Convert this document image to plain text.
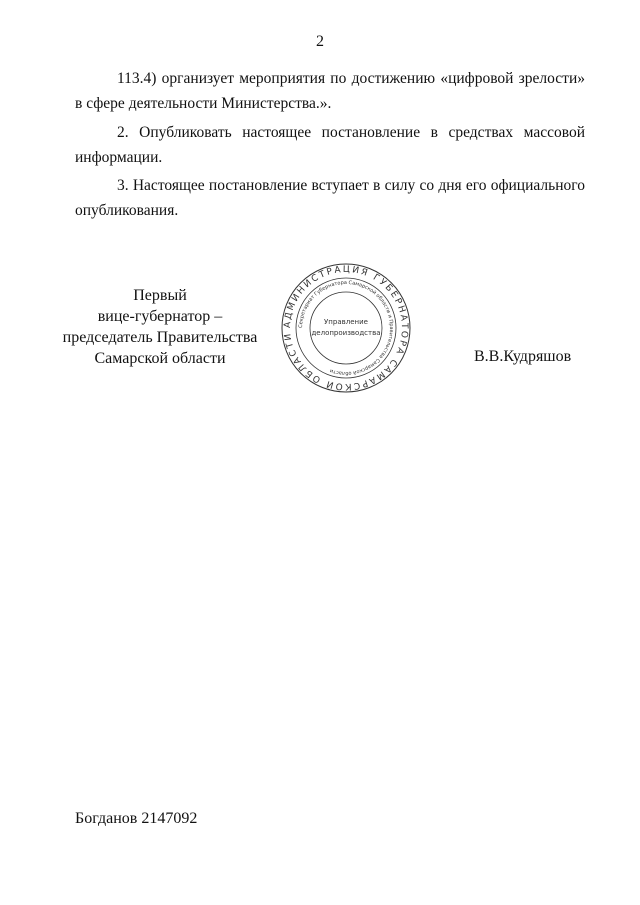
2
113.4) организует мероприятия по достижению «цифровой зрелости» в сфере деятельности Министерства.».
2. Опубликовать настоящее постановление в средствах массовой информации.
3. Настоящее постановление вступает в силу со дня его официального опубликования.
Первый
вице-губернатор –
председатель Правительства
Самарской области
АДМИНИСТРАЦИЯ ГУБЕРНАТОРА САМАРСКОЙ ОБЛАСТИ
Секретариат Губернатора Самарской области и Правительства Самарской области
Управление
делопроизводства
В.В.Кудряшов
Богданов 2147092
